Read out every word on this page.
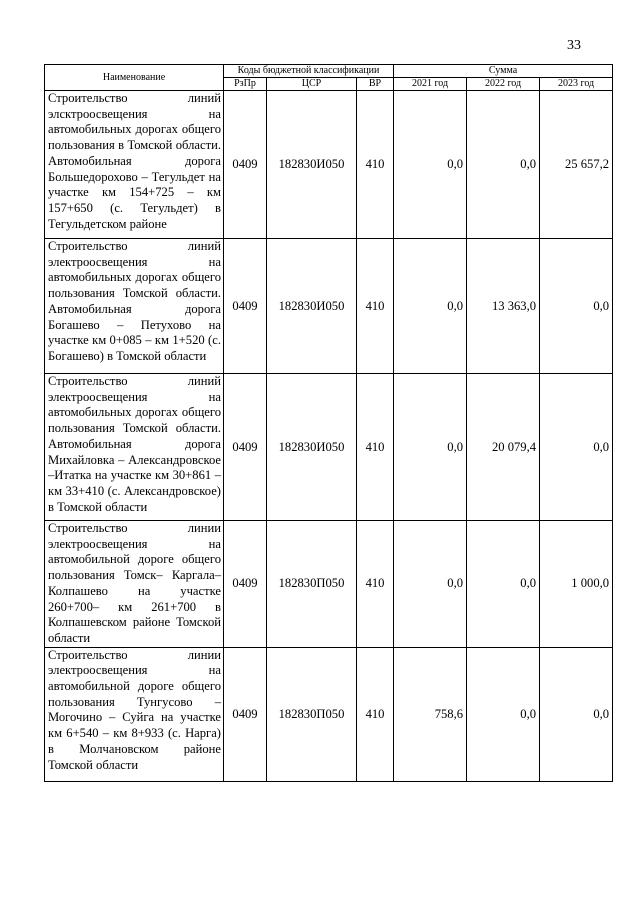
33
Наименование	Коды бюджетной классификации			Сумма		
	РзПр	ЦСР	ВР	2021 год	2022 год	2023 год
Строительство линий элсктроосвещения на автомобильных дорогах общего пользования в Томской области. Автомобильная дорога Большедорохово – Тегульдет на участке км 154+725 – км 157+650 (с. Тегульдет) в Тегульдетском районе	0409	182830И050	410	0,0	0,0	25 657,2
Строительство линий электроосвещения на автомобильных дорогах общего пользования Томской области. Автомобильная дорога Богашево – Петухово на участке км 0+085 – км 1+520 (с. Богашево) в Томской области	0409	182830И050	410	0,0	13 363,0	0,0
Строительство линий электроосвещения на автомобильных дорогах общего пользования Томской области. Автомобильная дорога Михайловка – Александровское –Итатка на участке км 30+861 – км 33+410 (с. Александровское) в Томской области	0409	182830И050	410	0,0	20 079,4	0,0
Строительство линии электроосвещения на автомобильной дороге общего пользования Томск– Каргала–Колпашево на участке 260+700– км 261+700 в Колпашевском районе Томской области	0409	182830П050	410	0,0	0,0	1 000,0
Строительство линии электроосвещения на автомобильной дороге общего пользования Тунгусово – Могочино – Суйга на участке км 6+540 – км 8+933 (с. Нарга) в Молчановском районе Томской области	0409	182830П050	410	758,6	0,0	0,0
